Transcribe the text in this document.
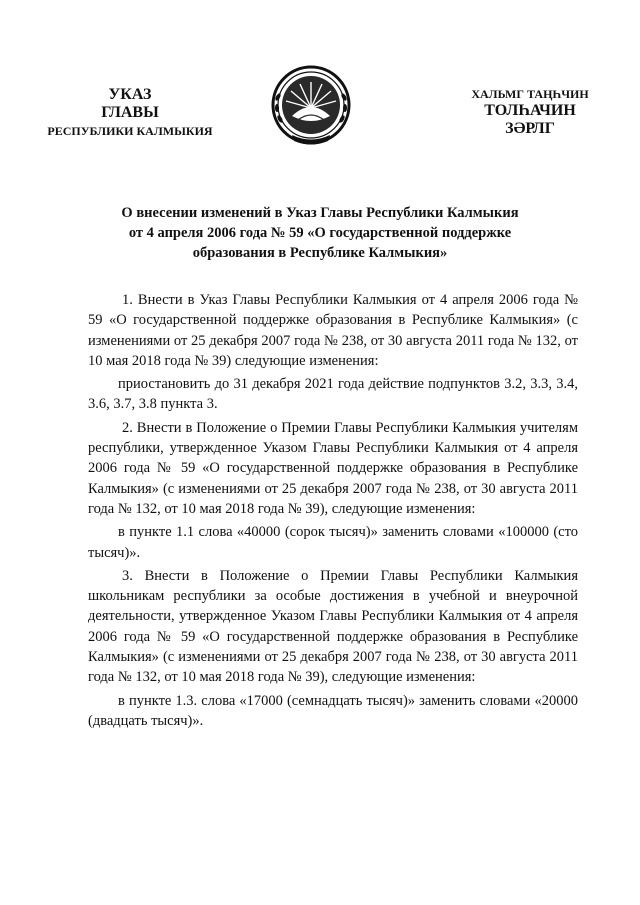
УКАЗ
ГЛАВЫ
РЕСПУБЛИКИ КАЛМЫКИЯ
ХАЛЬМГ ТАҢҺЧИН
ТОЛҺАЧИН
ЗӘРЛГ
О внесении изменений в Указ Главы Республики Калмыкия
от 4 апреля 2006 года № 59 «О государственной поддержке
образования в Республике Калмыкия»

1. Внести в Указ Главы Республики Калмыкия от 4 апреля 2006 года № 59 «О государственной поддержке образования в Республике Калмыкия» (с изменениями от 25 декабря 2007 года № 238, от 30 августа 2011 года № 132, от 10 мая 2018 года № 39) следующие изменения:

приостановить до 31 декабря 2021 года действие подпунктов 3.2, 3.3, 3.4, 3.6, 3.7, 3.8 пункта 3.

2. Внести в Положение о Премии Главы Республики Калмыкия учителям республики, утвержденное Указом Главы Республики Калмыкия от 4 апреля 2006 года № 59 «О государственной поддержке образования в Республике Калмыкия» (с изменениями от 25 декабря 2007 года № 238, от 30 августа 2011 года № 132, от 10 мая 2018 года № 39), следующие изменения:

в пункте 1.1 слова «40000 (сорок тысяч)» заменить словами «100000 (сто тысяч)».

3. Внести в Положение о Премии Главы Республики Калмыкия школьникам республики за особые достижения в учебной и внеурочной деятельности, утвержденное Указом Главы Республики Калмыкия от 4 апреля 2006 года № 59 «О государственной поддержке образования в Республике Калмыкия» (с изменениями от 25 декабря 2007 года № 238, от 30 августа 2011 года № 132, от 10 мая 2018 года № 39), следующие изменения:

в пункте 1.3. слова «17000 (семнадцать тысяч)» заменить словами «20000 (двадцать тысяч)».
